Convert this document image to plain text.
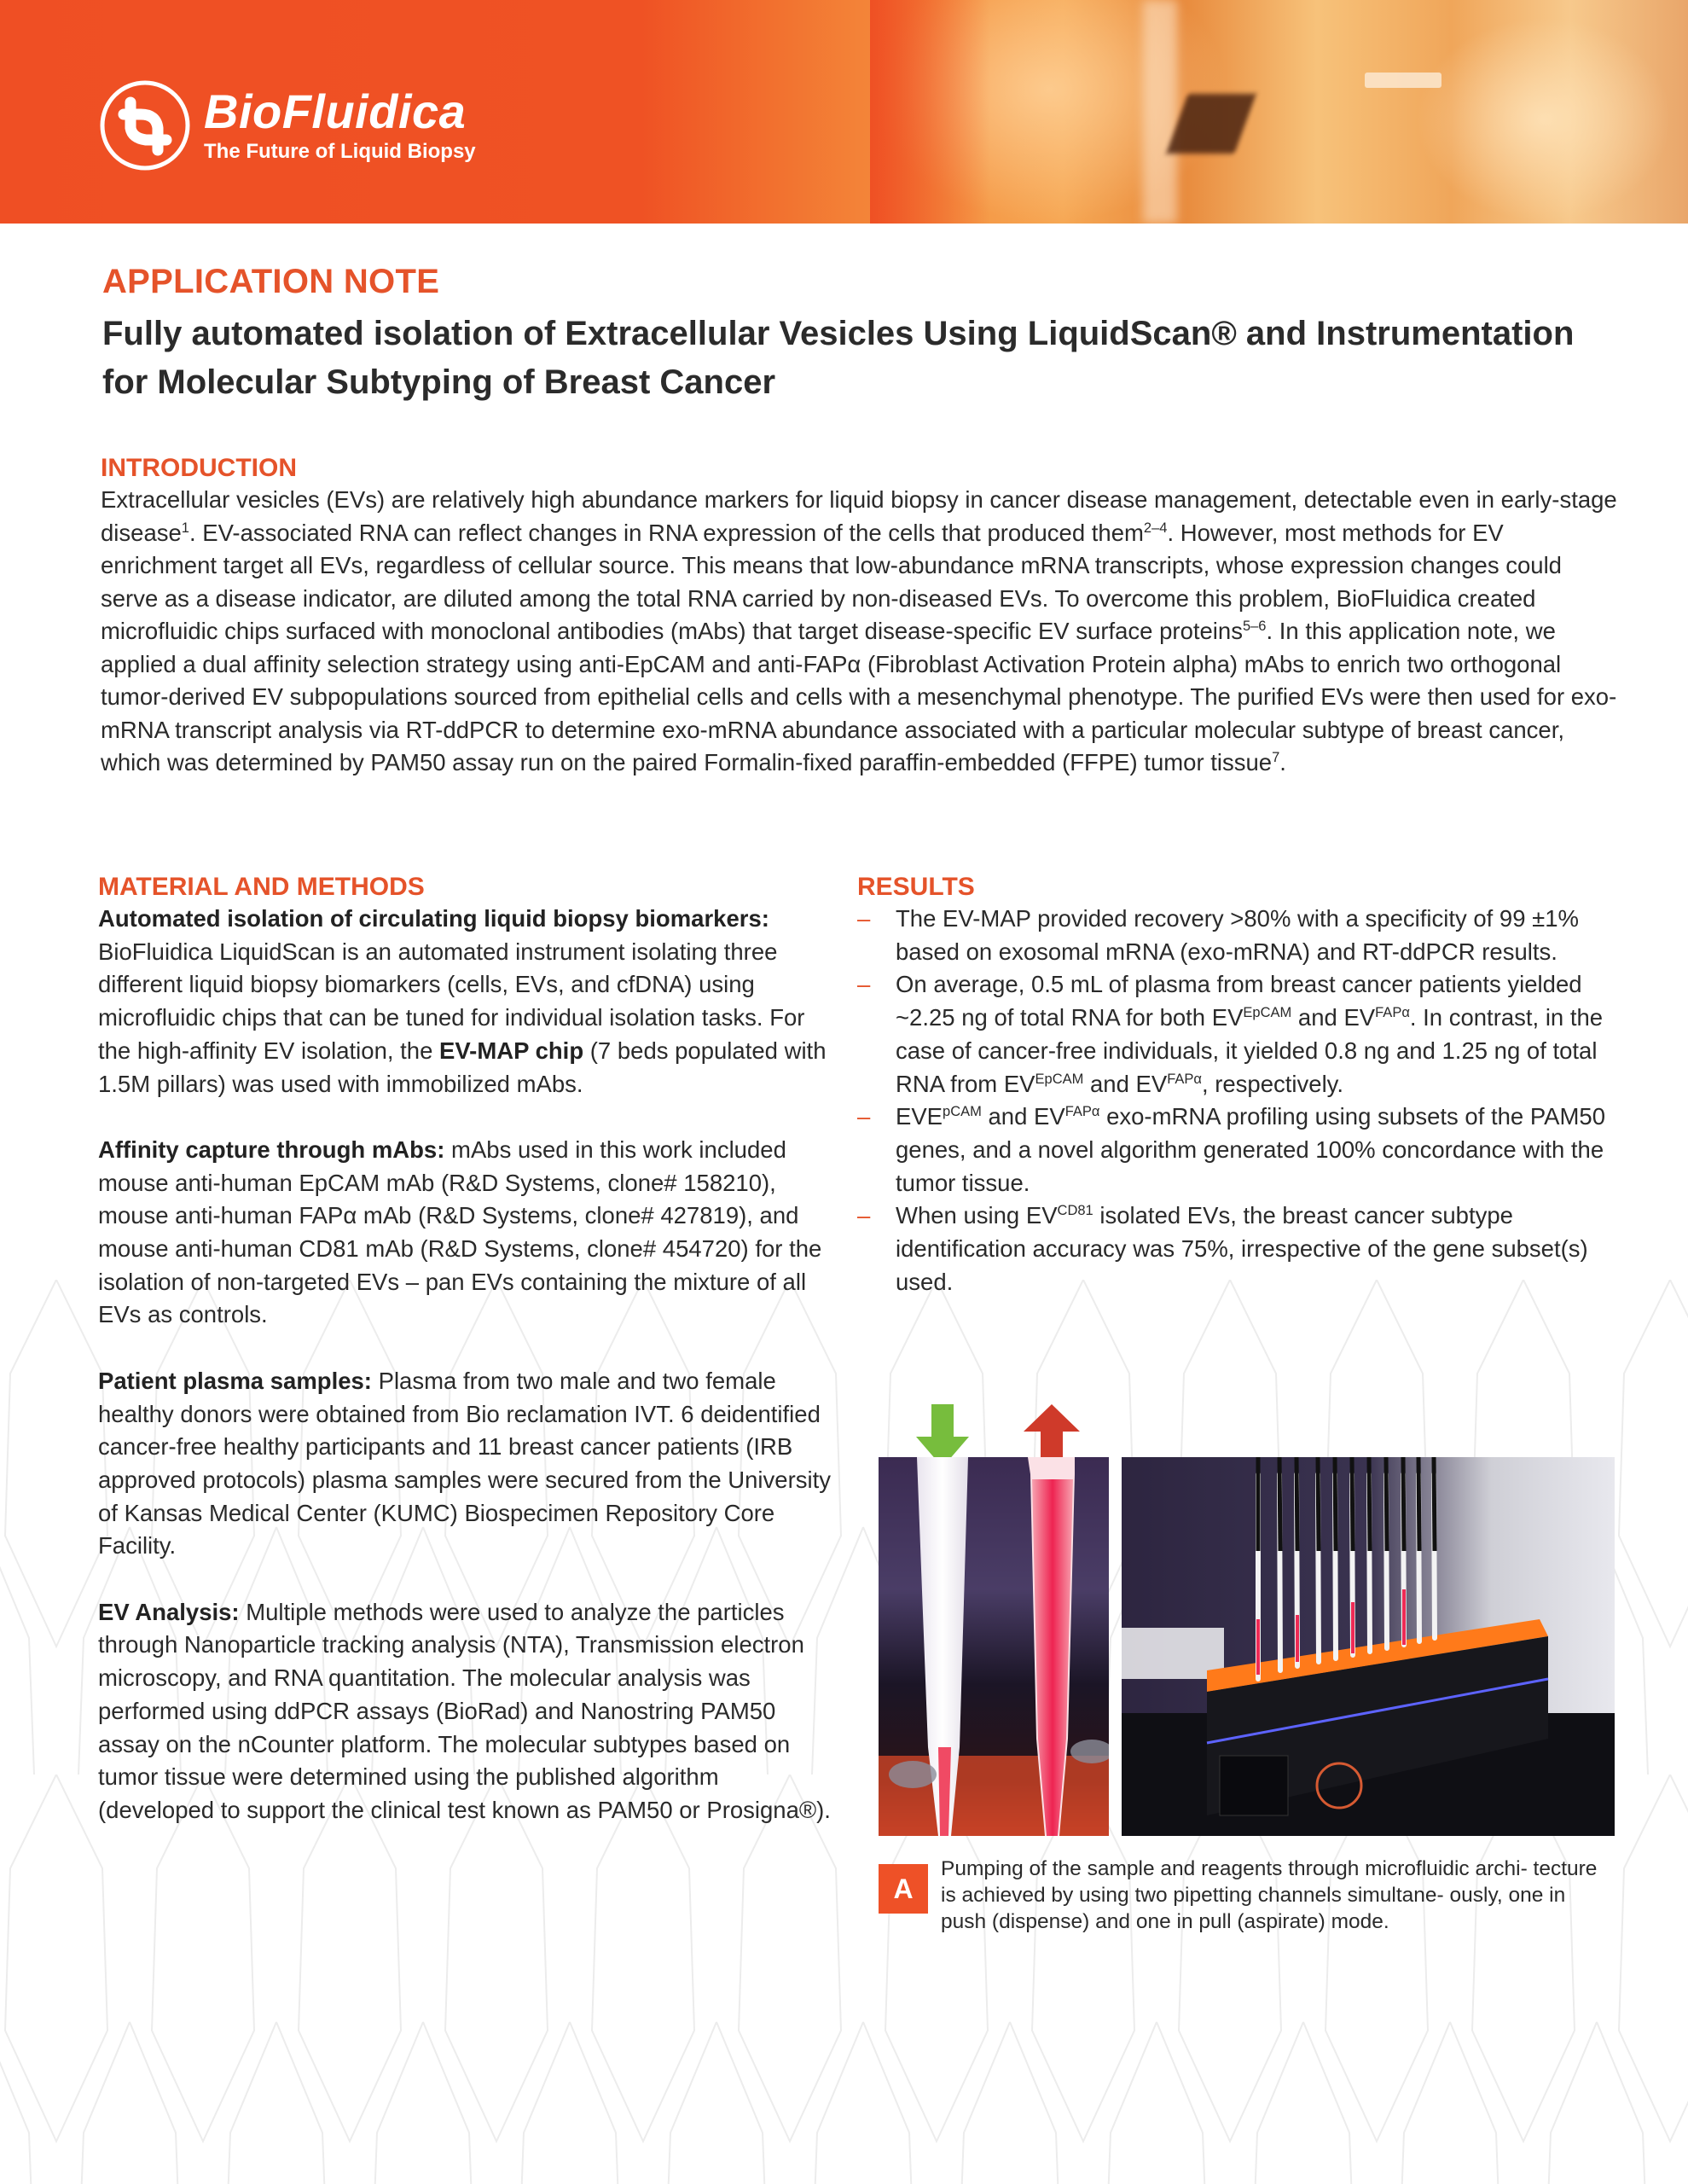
BioFluidica
The Future of Liquid Biopsy
APPLICATION NOTE
Fully automated isolation of Extracellular Vesicles Using LiquidScan® and Instrumentation for Molecular Subtyping of Breast Cancer
INTRODUCTION

Extracellular vesicles (EVs) are relatively high abundance markers for liquid biopsy in cancer disease management, detectable even in early-stage disease$^1$. EV-associated RNA can reflect changes in RNA expression of the cells that produced them$^{2-4}$. However, most methods for EV enrichment target all EVs, regardless of cellular source. This means that low-abundance mRNA transcripts, whose expression changes could serve as a disease indicator, are diluted among the total RNA carried by non-diseased EVs. To overcome this problem, BioFluidica created microfluidic chips surfaced with monoclonal antibodies (mAbs) that target disease-specific EV surface proteins$^{5-6}$. In this application note, we applied a dual affinity selection strategy using anti-EpCAM and anti-FAPα (Fibroblast Activation Protein alpha) mAbs to enrich two orthogonal tumor-derived EV subpopulations sourced from epithelial cells and cells with a mesenchymal phenotype. The purified EVs were then used for exo-mRNA transcript analysis via RT-ddPCR to determine exo-mRNA abundance associated with a particular molecular subtype of breast cancer, which was determined by PAM50 assay run on the paired Formalin-fixed paraffin-embedded (FFPE) tumor tissue$^7$.

MATERIAL AND METHODS

Automated isolation of circulating liquid biopsy biomarkers: BioFluidica LiquidScan is an automated instrument isolating three different liquid biopsy biomarkers (cells, EVs, and cfDNA) using microfluidic chips that can be tuned for individual isolation tasks. For the high-affinity EV isolation, the EV-MAP chip (7 beds populated with 1.5M pillars) was used with immobilized mAbs.

Affinity capture through mAbs: mAbs used in this work included mouse anti-human EpCAM mAb (R&D Systems, clone# 158210), mouse anti-human FAPα mAb (R&D Systems, clone# 427819), and mouse anti-human CD81 mAb (R&D Systems, clone# 454720) for the isolation of non-targeted EVs – pan EVs containing the mixture of all EVs as controls.

Patient plasma samples: Plasma from two male and two female healthy donors were obtained from Bio reclamation IVT. 6 deidentified cancer-free healthy participants and 11 breast cancer patients (IRB approved protocols) plasma samples were secured from the University of Kansas Medical Center (KUMC) Biospecimen Repository Core Facility.

EV Analysis: Multiple methods were used to analyze the particles through Nanoparticle tracking analysis (NTA), Transmission electron microscopy, and RNA quantitation. The molecular analysis was performed using ddPCR assays (BioRad) and Nanostring PAM50 assay on the nCounter platform. The molecular subtypes based on tumor tissue were determined using the published algorithm (developed to support the clinical test known as PAM50 or Prosigna®).

RESULTS
– The EV-MAP provided recovery >80% with a specificity of 99 ±1% based on exosomal mRNA (exo-mRNA) and RT-ddPCR results.
– On average, 0.5 mL of plasma from breast cancer patients yielded ~2.25 ng of total RNA for both $EV^{EpCAM}$ and $EV^{FAP\alpha}$. In contrast, in the case of cancer-free individuals, it yielded 0.8 ng and 1.25 ng of total RNA from $EV^{EpCAM}$ and $EV^{FAP\alpha}$, respectively.
– $EVE^{pCAM}$ and $EV^{FAP\alpha}$ exo-mRNA profiling using subsets of the PAM50 genes, and a novel algorithm generated 100% concordance with the tumor tissue.
– When using $EV^{CD81}$ isolated EVs, the breast cancer subtype identification accuracy was 75%, irrespective of the gene subset(s) used.
A
Pumping of the sample and reagents through microfluidic archi- tecture is achieved by using two pipetting channels simultane- ously, one in push (dispense) and one in pull (aspirate) mode.
